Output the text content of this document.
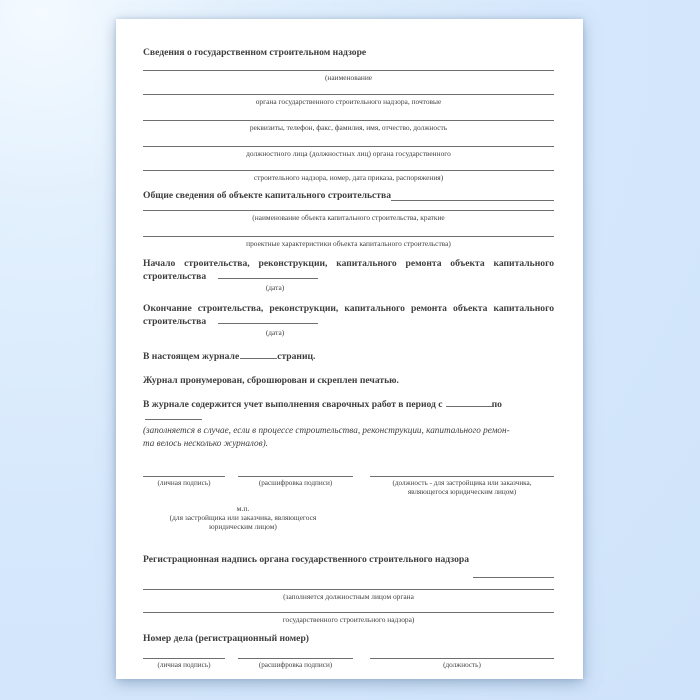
Сведения о государственном строительном надзоре
(наименование
органа государственного строительного надзора, почтовые
реквизиты, телефон, факс, фамилия, имя, отчество, должность
должностного лица (должностных лиц) органа государственного
строительного надзора, номер, дата приказа, распоряжения)
Общие сведения об объекте капитального строительства
(наименование объекта капитального строительства, краткие
проектные характеристики объекта капитального строительства)
Начало строительства, реконструкции, капитального ремонта объекта капитального
строительства
(дата)
Окончание строительства, реконструкции, капитального ремонта объекта капитального
строительства
(дата)
В настоящем журнале	страниц.
Журнал пронумерован, сброшюрован и скреплен печатью.
В журнале содержится учет выполнения сварочных работ в период с	по
(заполняется в случае, если в процессе строительства, реконструкции, капитального ремон-
та велось несколько журналов).
(личная подпись)	(расшифровка подписи)	(должность - для застройщика или заказчика,
являющегося юридическим лицом)
м.п.
(для застройщика или заказчика, являющегося
юридическим лицом)
Регистрационная надпись органа государственного строительного надзора
(заполняется должностным лицом органа
государственного строительного надзора)
Номер дела (регистрационный номер)
(личная подпись)	(расшифровка подписи)	(должность)
